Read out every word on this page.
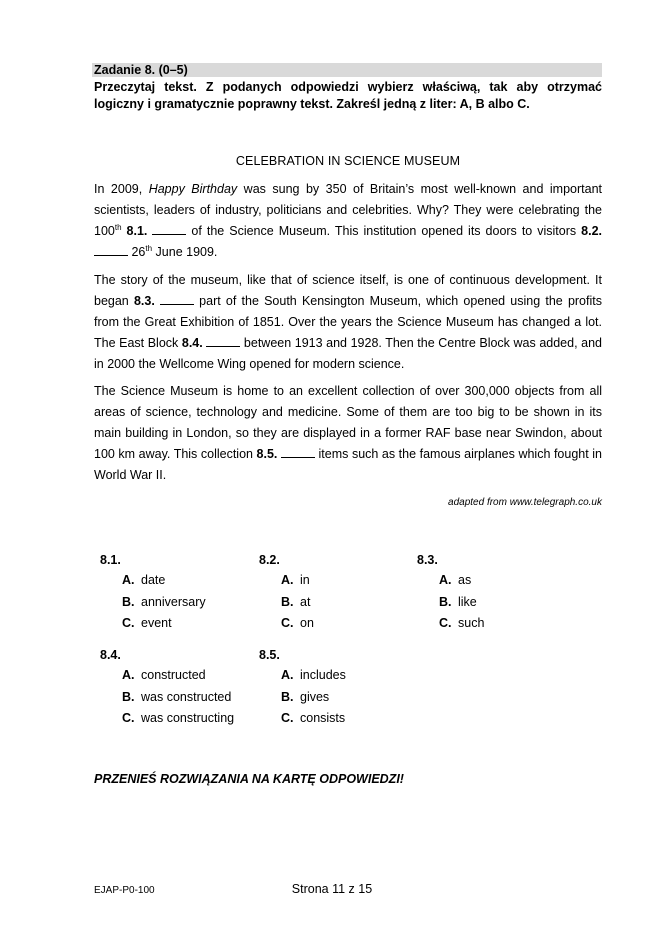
Zadanie 8. (0–5)
Przeczytaj tekst. Z podanych odpowiedzi wybierz właściwą, tak aby otrzymać logiczny i gramatycznie poprawny tekst. Zakreśl jedną z liter: A, B albo C.
CELEBRATION IN SCIENCE MUSEUM

In 2009, Happy Birthday was sung by 350 of Britain’s most well-known and important scientists, leaders of industry, politicians and celebrities. Why? They were celebrating the 100th 8.1.	of the Science Museum. This institution opened its doors to visitors 8.2.  26th June 1909.

The story of the museum, like that of science itself, is one of continuous development. It began 8.3.	part of the South Kensington Museum, which opened using the profits from the Great Exhibition of 1851. Over the years the Science Museum has changed a lot. The East Block 8.4.	between 1913 and 1928. Then the Centre Block was added, and in 2000 the Wellcome Wing opened for modern science.

The Science Museum is home to an excellent collection of over 300,000 objects from all areas of science, technology and medicine. Some of them are too big to be shown in its main building in London, so they are displayed in a former RAF base near Swindon, about 100 km away. This collection 8.5.	items such as the famous airplanes which fought in World War II.

adapted from www.telegraph.co.uk
8.1.
A. date
B. anniversary
C. event
8.2.
A. in
B. at
C. on
8.3.
A. as
B. like
C. such
8.4.
A. constructed
B. was constructed
C. was constructing
8.5.
A. includes
B. gives
C. consists
PRZENIEŚ ROZWIĄZANIA NA KARTĘ ODPOWIEDZI!
EJAP-P0-100	Strona 11 z 15
